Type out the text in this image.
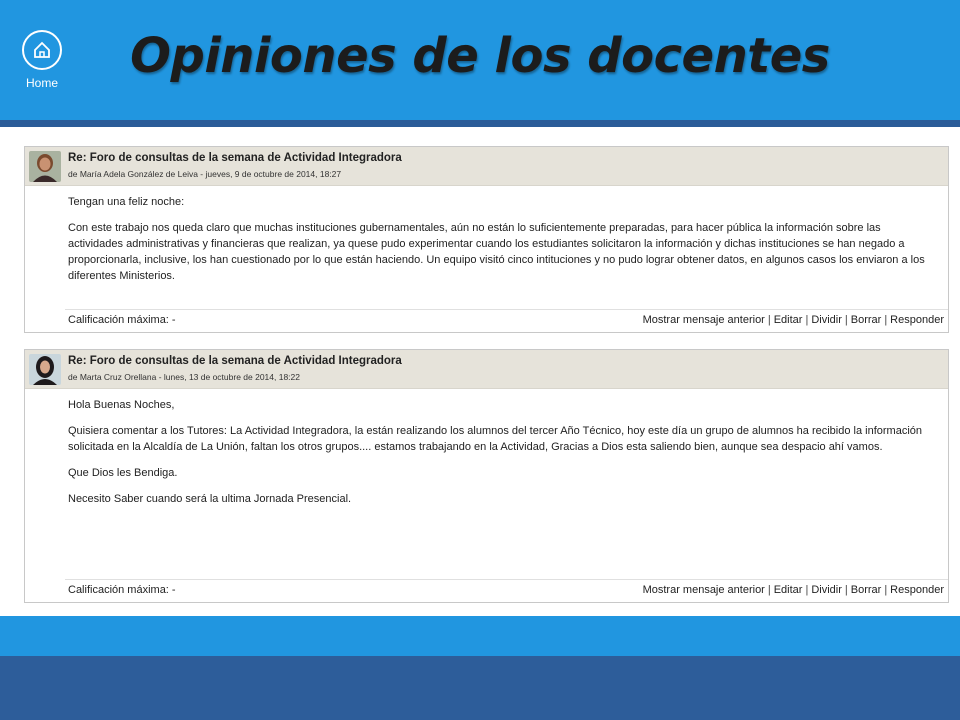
Home	Opiniones de los docentes
Re: Foro de consultas de la semana de Actividad Integradora
de María Adela González de Leiva - jueves, 9 de octubre de 2014, 18:27

Tengan una feliz noche:

Con este trabajo nos queda claro que muchas instituciones gubernamentales, aún no están lo suficientemente preparadas, para hacer pública la información sobre las actividades administrativas y financieras que realizan, ya quese pudo experimentar cuando los estudiantes solicitaron la información y dichas instituciones se han negado a proporcionarla, inclusive, los han cuestionado por lo que están haciendo. Un equipo visitó cinco intituciones y no pudo lograr obtener datos, en algunos casos los enviaron a los diferentes Ministerios.

Calificación máxima: -	Mostrar mensaje anterior | Editar | Dividir | Borrar | Responder
Re: Foro de consultas de la semana de Actividad Integradora
de Marta Cruz Orellana - lunes, 13 de octubre de 2014, 18:22

Hola Buenas Noches,

Quisiera comentar a los Tutores: La Actividad Integradora, la están realizando los alumnos del tercer Año Técnico, hoy este día un grupo de alumnos ha recibido la información solicitada en la Alcaldía de La Unión, faltan los otros grupos.... estamos trabajando en la Actividad, Gracias a Dios esta saliendo bien, aunque sea despacio ahí vamos.

Que Dios les Bendiga.

Necesito Saber cuando será la ultima Jornada Presencial.

Calificación máxima: -	Mostrar mensaje anterior | Editar | Dividir | Borrar | Responder
